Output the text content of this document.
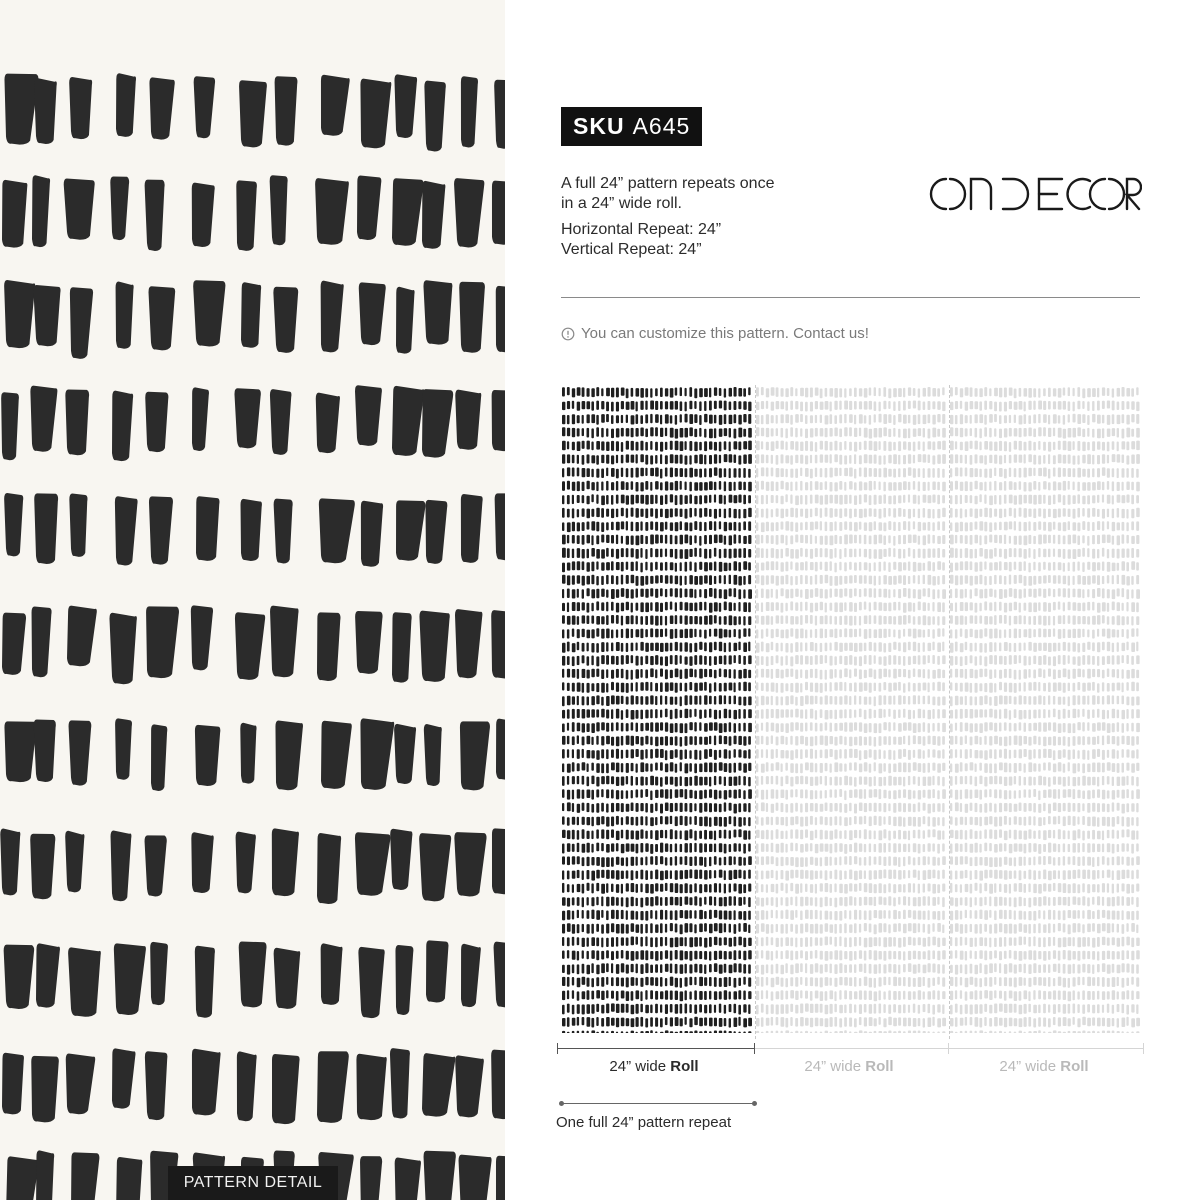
PATTERN DETAIL
SKU A645

A full 24” pattern repeats once
in a 24” wide roll.

Horizontal Repeat: 24”
Vertical Repeat: 24”

You can customize this pattern. Contact us!
24” wide Roll	24” wide Roll	24” wide Roll
One full 24” pattern repeat
